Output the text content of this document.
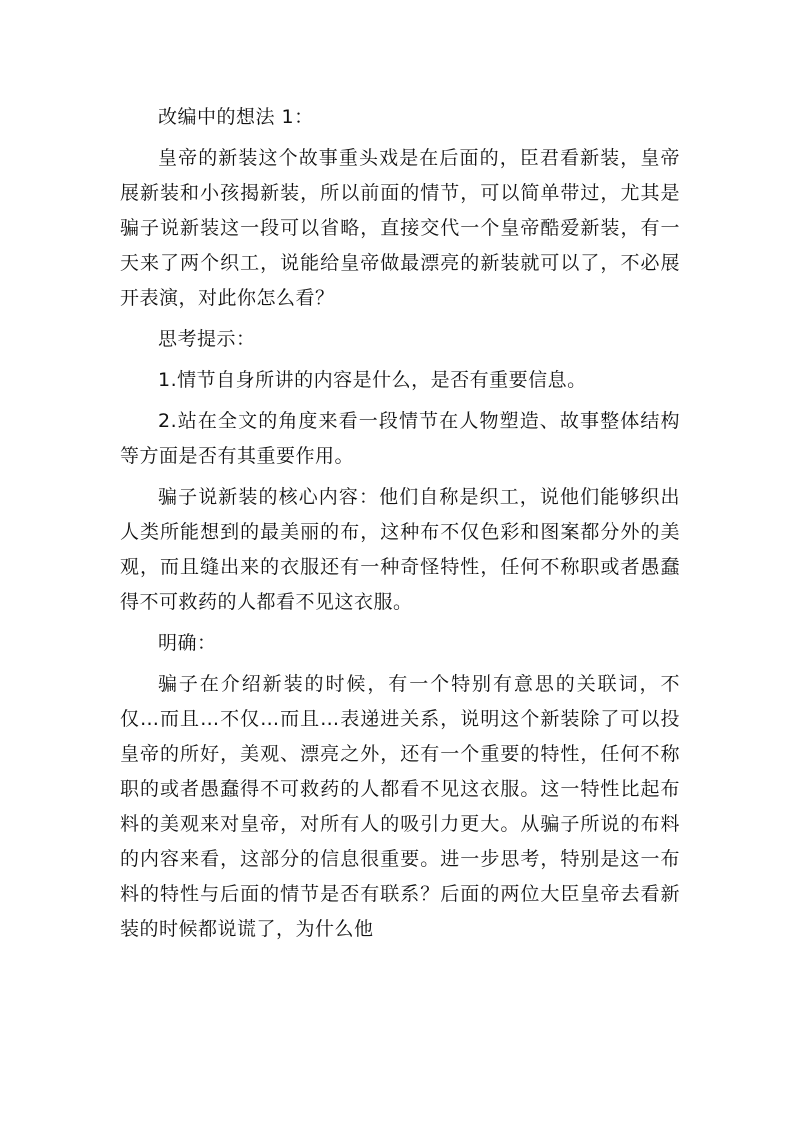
改编中的想法 1：

皇帝的新装这个故事重头戏是在后面的，臣君看新装，皇帝展新装和小孩揭新装，所以前面的情节，可以简单带过，尤其是骗子说新装这一段可以省略，直接交代一个皇帝酷爱新装，有一天来了两个织工，说能给皇帝做最漂亮的新装就可以了，不必展开表演，对此你怎么看？

思考提示：

1.情节自身所讲的内容是什么，是否有重要信息。

2.站在全文的角度来看一段情节在人物塑造、故事整体结构等方面是否有其重要作用。

骗子说新装的核心内容：他们自称是织工，说他们能够织出人类所能想到的最美丽的布，这种布不仅色彩和图案都分外的美观，而且缝出来的衣服还有一种奇怪特性，任何不称职或者愚蠢得不可救药的人都看不见这衣服。

明确：

骗子在介绍新装的时候，有一个特别有意思的关联词，不仅…而且…不仅…而且…表递进关系，说明这个新装除了可以投皇帝的所好，美观、漂亮之外，还有一个重要的特性，任何不称职的或者愚蠢得不可救药的人都看不见这衣服。这一特性比起布料的美观来对皇帝，对所有人的吸引力更大。从骗子所说的布料的内容来看，这部分的信息很重要。进一步思考，特别是这一布料的特性与后面的情节是否有联系？后面的两位大臣皇帝去看新装的时候都说谎了，为什么他
